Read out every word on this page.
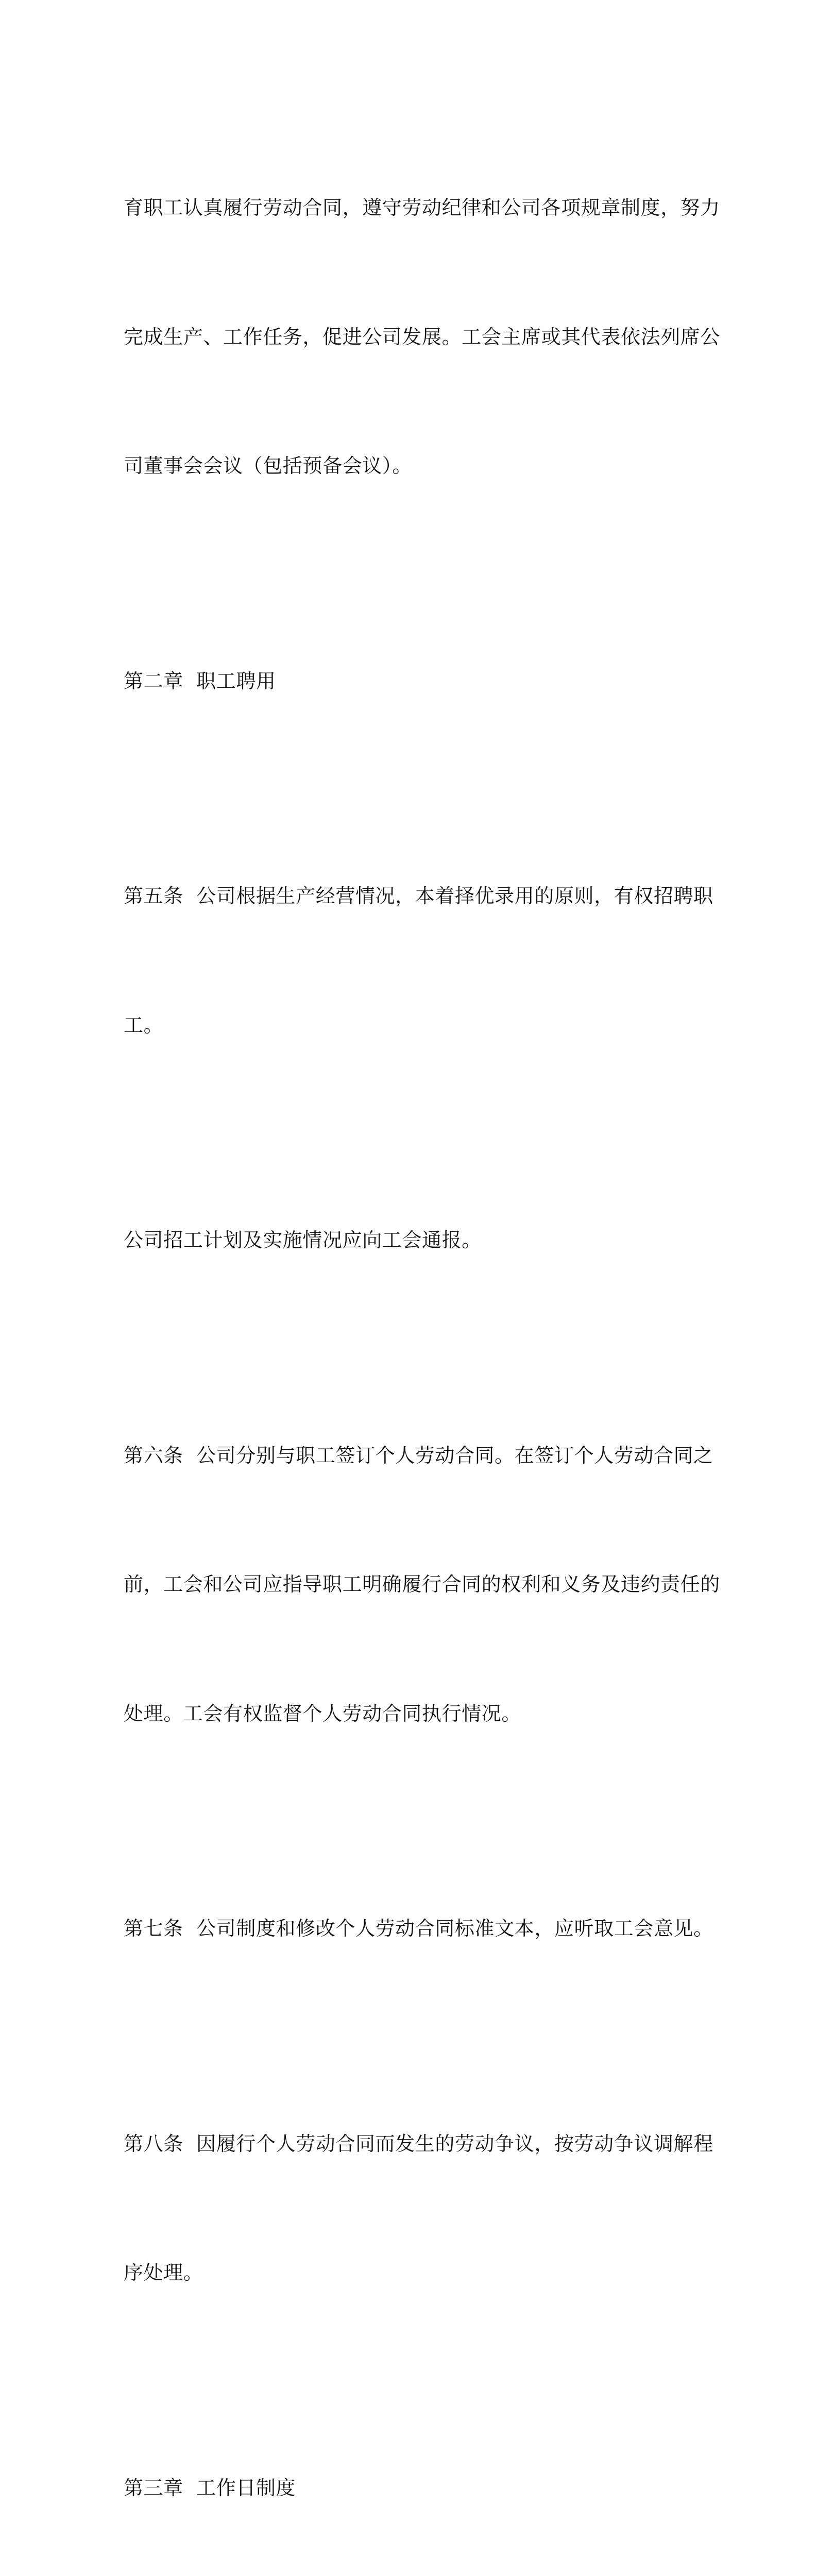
育职工认真履行劳动合同，遵守劳动纪律和公司各项规章制度，努力

完成生产、工作任务，促进公司发展。工会主席或其代表依法列席公

司董事会会议（包括预备会议）。

第二章  职工聘用

第五条  公司根据生产经营情况，本着择优录用的原则，有权招聘职

工。

公司招工计划及实施情况应向工会通报。

第六条  公司分别与职工签订个人劳动合同。在签订个人劳动合同之

前，工会和公司应指导职工明确履行合同的权利和义务及违约责任的

处理。工会有权监督个人劳动合同执行情况。

第七条  公司制度和修改个人劳动合同标准文本，应听取工会意见。

第八条  因履行个人劳动合同而发生的劳动争议，按劳动争议调解程

序处理。

第三章  工作日制度
